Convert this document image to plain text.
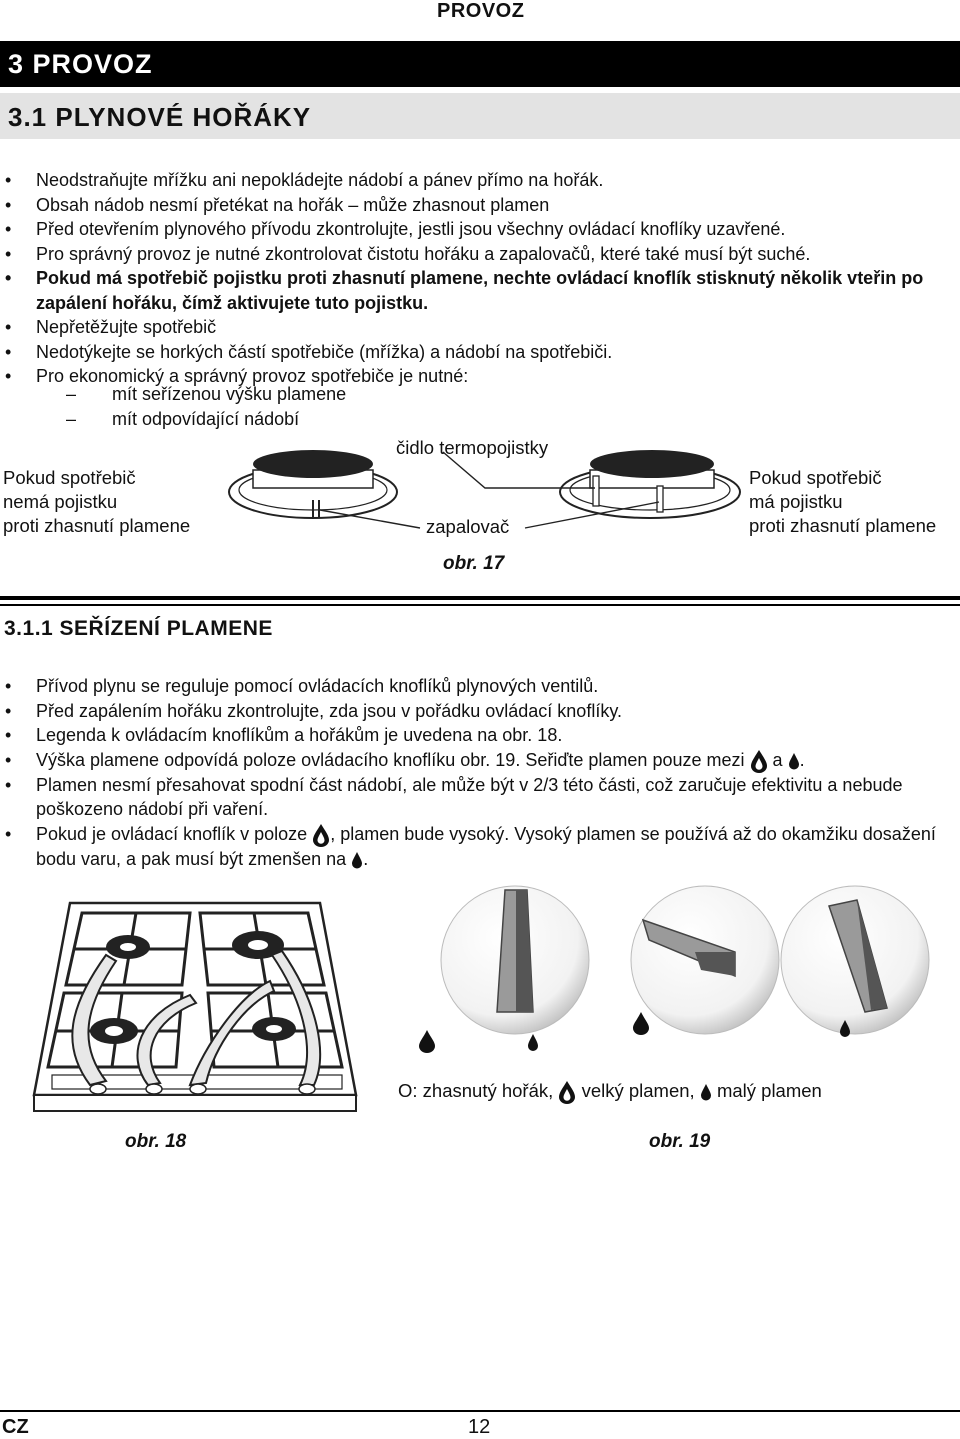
PROVOZ
3 PROVOZ
3.1 PLYNOVÉ HOŘÁKY
• Neodstraňujte mřížku ani nepokládejte nádobí a pánev přímo na hořák.
• Obsah nádob nesmí přetékat na hořák – může zhasnout plamen
• Před otevřením plynového přívodu zkontrolujte, jestli jsou všechny ovládací knoflíky uzavřené.
• Pro správný provoz je nutné zkontrolovat čistotu hořáku a zapalovačů, které také musí být suché.
• Pokud má spotřebič pojistku proti zhasnutí plamene, nechte ovládací knoflík stisknutý několik vteřin po zapálení hořáku, čímž aktivujete tuto pojistku.
• Nepřetěžujte spotřebič
• Nedotýkejte se horkých částí spotřebiče (mřížka) a nádobí na spotřebiči.
• Pro ekonomický a správný provoz spotřebiče je nutné:
– mít seřízenou výšku plamene
– mít odpovídající nádobí
Pokud spotřebič
nemá pojistku
proti zhasnutí plamene
Pokud spotřebič
má pojistku
proti zhasnutí plamene
čidlo termopojistky
zapalovač
obr. 17
3.1.1 SEŘÍZENÍ PLAMENE
• Přívod plynu se reguluje pomocí ovládacích knoflíků plynových ventilů.
• Před zapálením hořáku zkontrolujte, zda jsou v pořádku ovládací knoflíky.
• Legenda k ovládacím knoflíkům a hořákům je uvedena na obr. 18.
• Výška plamene odpovídá poloze ovládacího knoflíku obr. 19. Seřiďte plamen pouze mezi a .
• Plamen nesmí přesahovat spodní část nádobí, ale může být v 2/3 této části, což zaručuje efektivitu a nebude poškozeno nádobí při vaření.
• Pokud je ovládací knoflík v poloze , plamen bude vysoký. Vysoký plamen se používá až do okamžiku dosažení bodu varu, a pak musí být zmenšen na .
O: zhasnutý hořák, velký plamen, malý plamen
obr. 18	obr. 19
CZ	12
